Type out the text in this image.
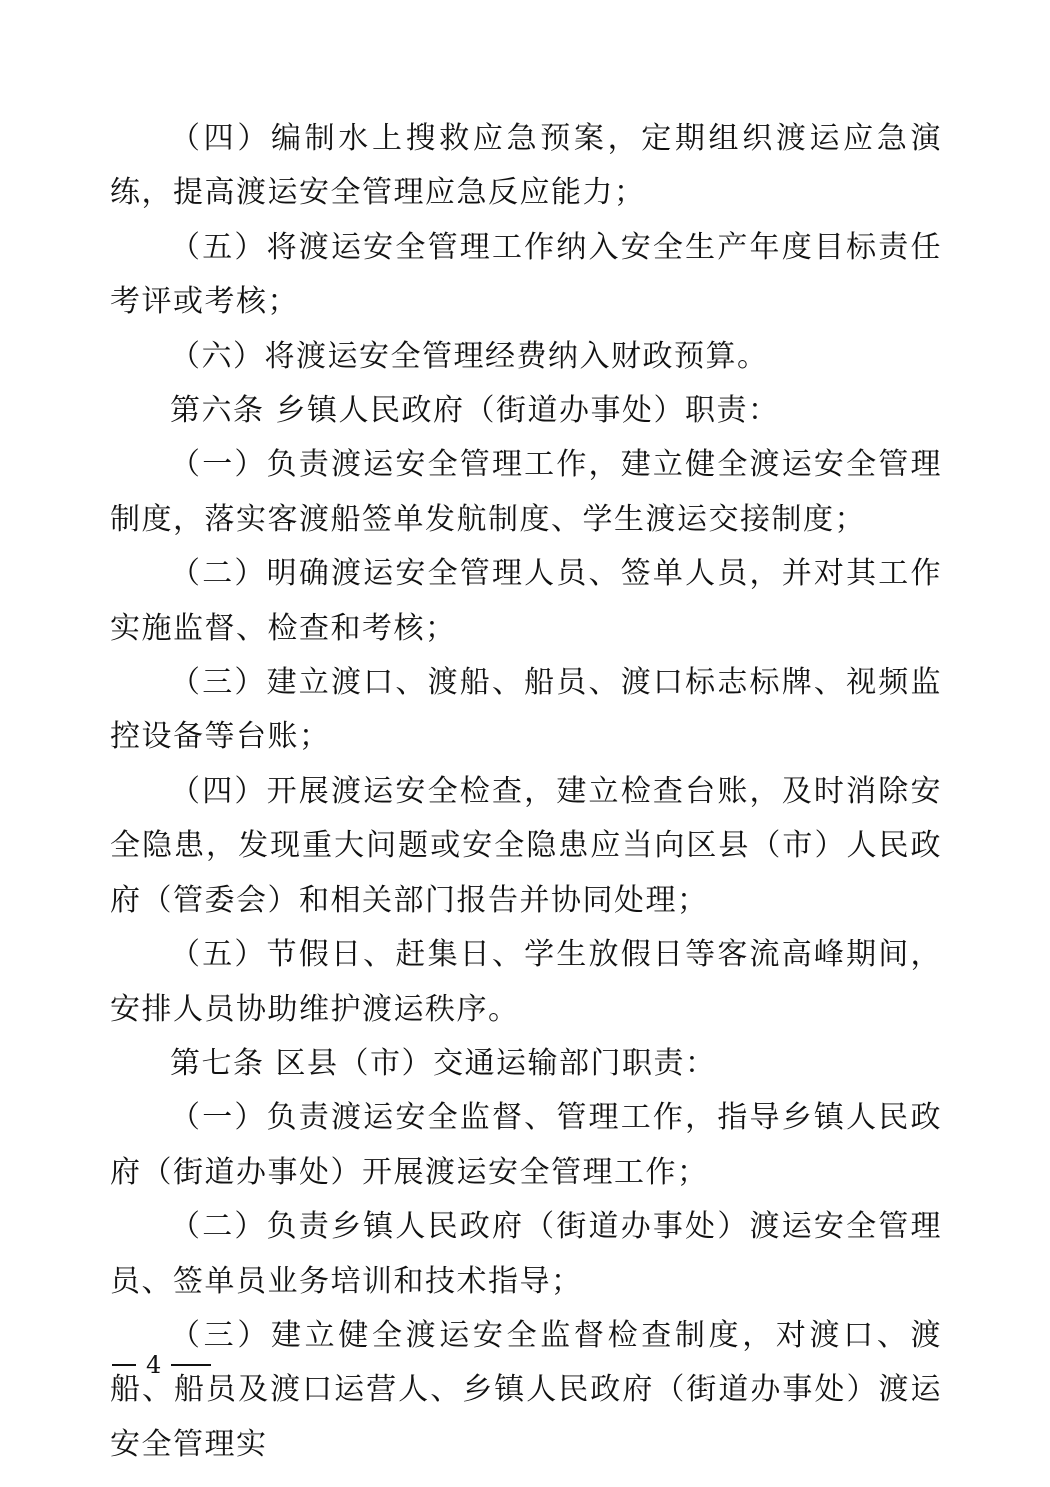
（四）编制水上搜救应急预案，定期组织渡运应急演练，提高渡运安全管理应急反应能力；

（五）将渡运安全管理工作纳入安全生产年度目标责任考评或考核；

（六）将渡运安全管理经费纳入财政预算。

第六条 乡镇人民政府（街道办事处）职责：

（一）负责渡运安全管理工作，建立健全渡运安全管理制度，落实客渡船签单发航制度、学生渡运交接制度；

（二）明确渡运安全管理人员、签单人员，并对其工作实施监督、检查和考核；

（三）建立渡口、渡船、船员、渡口标志标牌、视频监控设备等台账；

（四）开展渡运安全检查，建立检查台账，及时消除安全隐患，发现重大问题或安全隐患应当向区县（市）人民政府（管委会）和相关部门报告并协同处理；

（五）节假日、赶集日、学生放假日等客流高峰期间，安排人员协助维护渡运秩序。

第七条 区县（市）交通运输部门职责：

（一）负责渡运安全监督、管理工作，指导乡镇人民政府（街道办事处）开展渡运安全管理工作；

（二）负责乡镇人民政府（街道办事处）渡运安全管理员、签单员业务培训和技术指导；

（三）建立健全渡运安全监督检查制度，对渡口、渡船、船员及渡口运营人、乡镇人民政府（街道办事处）渡运安全管理实

4
